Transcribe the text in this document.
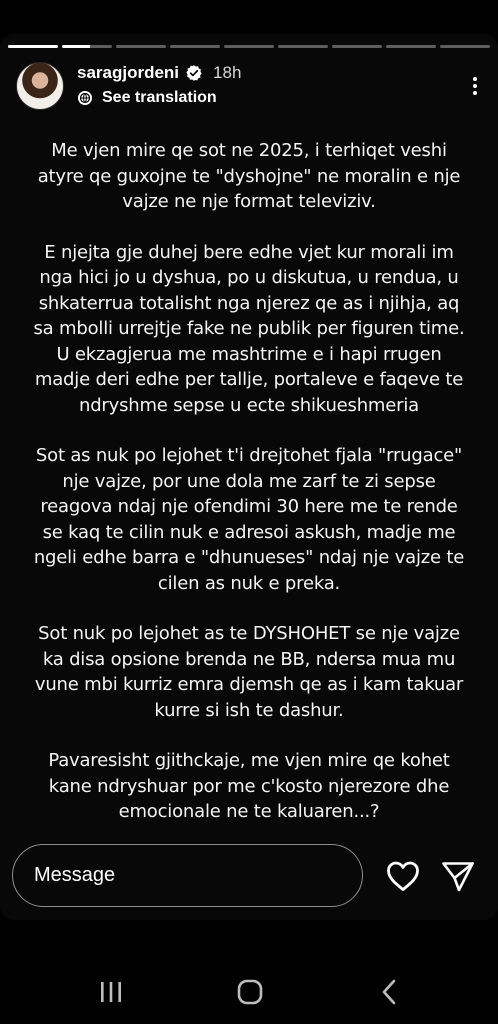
saragjordeni 18h
See translation

Me vjen mire qe sot ne 2025, i terhiqet veshi atyre qe guxojne te "dyshojne" ne moralin e nje vajze ne nje format televiziv.

E njejta gje duhej bere edhe vjet kur morali im nga hici jo u dyshua, po u diskutua, u rendua, u shkaterrua totalisht nga njerez qe as i njihja, aq sa mbolli urrejtje fake ne publik per figuren time. U ekzagjerua me mashtrime e i hapi rrugen madje deri edhe per tallje, portaleve e faqeve te ndryshme sepse u ecte shikueshmeria

Sot as nuk po lejohet t'i drejtohet fjala "rrugace" nje vajze, por une dola me zarf te zi sepse reagova ndaj nje ofendimi 30 here me te rende se kaq te cilin nuk e adresoi askush, madje me ngeli edhe barra e "dhunueses" ndaj nje vajze te cilen as nuk e preka.

Sot nuk po lejohet as te DYSHOHET se nje vajze ka disa opsione brenda ne BB, ndersa mua mu vune mbi kurriz emra djemsh qe as i kam takuar kurre si ish te dashur.

Pavaresisht gjithckaje, me vjen mire qe kohet kane ndryshuar por me c'kosto njerezore dhe emocionale ne te kaluaren...?

Message
